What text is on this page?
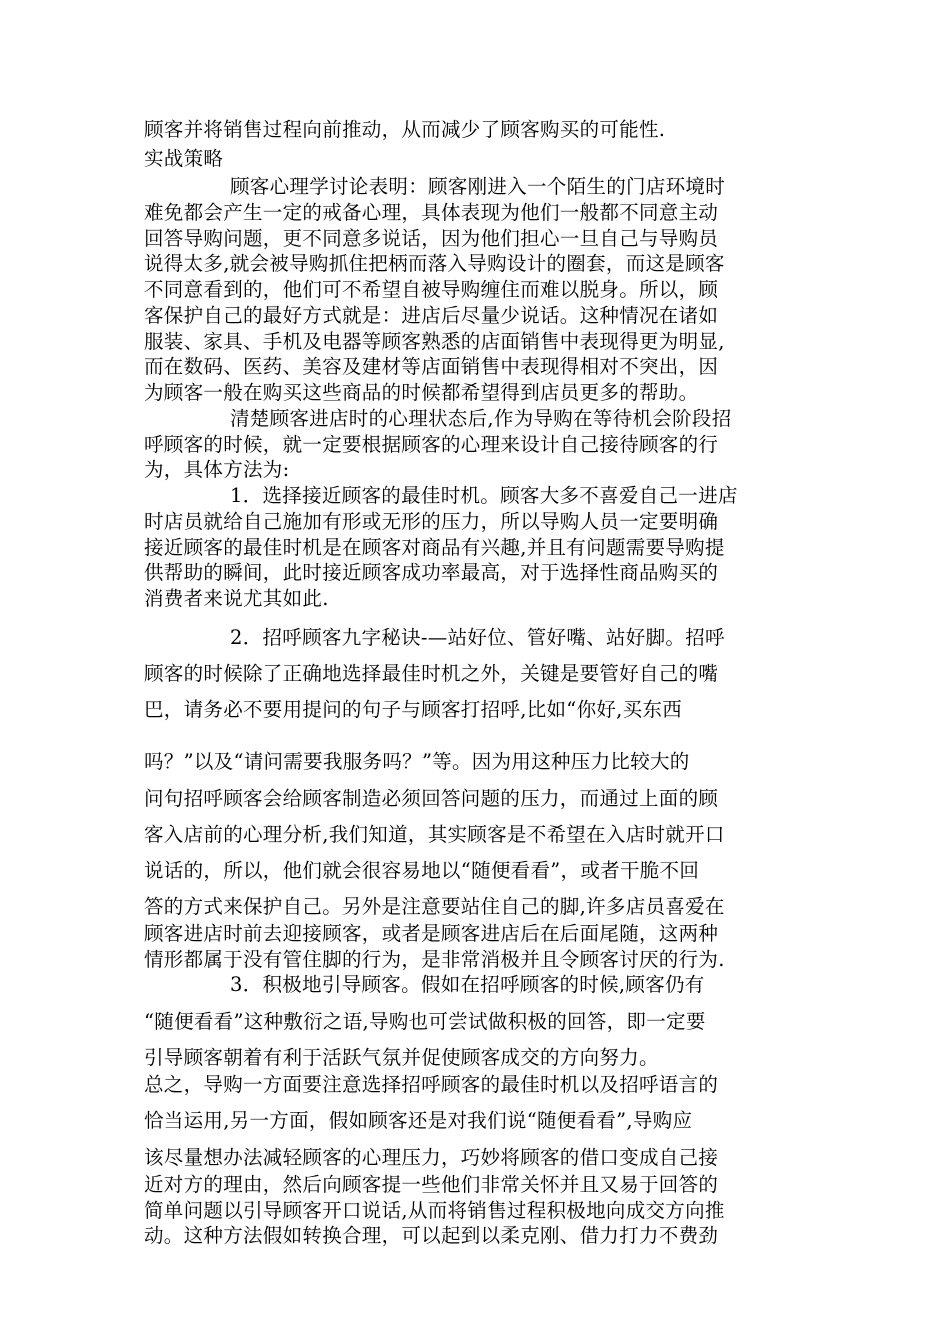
顾客并将销售过程向前推动，从而减少了顾客购买的可能性.
实战策略
顾客心理学讨论表明：顾客刚进入一个陌生的门店环境时
难免都会产生一定的戒备心理，具体表现为他们一般都不同意主动
回答导购问题，更不同意多说话，因为他们担心一旦自己与导购员
说得太多,就会被导购抓住把柄而落入导购设计的圈套，而这是顾客
不同意看到的，他们可不希望自被导购缠住而难以脱身。所以，顾
客保护自己的最好方式就是：进店后尽量少说话。这种情况在诸如
服装、家具、手机及电器等顾客熟悉的店面销售中表现得更为明显,
而在数码、医药、美容及建材等店面销售中表现得相对不突出，因
为顾客一般在购买这些商品的时候都希望得到店员更多的帮助。
清楚顾客进店时的心理状态后,作为导购在等待机会阶段招
呼顾客的时候，就一定要根据顾客的心理来设计自己接待顾客的行
为，具体方法为:
1．选择接近顾客的最佳时机。顾客大多不喜爱自己一进店
时店员就给自己施加有形或无形的压力，所以导购人员一定要明确
接近顾客的最佳时机是在顾客对商品有兴趣,并且有问题需要导购提
供帮助的瞬间，此时接近顾客成功率最高，对于选择性商品购买的
消费者来说尤其如此.
2．招呼顾客九字秘诀-—站好位、管好嘴、站好脚。招呼
顾客的时候除了正确地选择最佳时机之外，关键是要管好自己的嘴
巴，请务必不要用提问的句子与顾客打招呼,比如“你好,买东西
吗？”以及“请问需要我服务吗？”等。因为用这种压力比较大的
问句招呼顾客会给顾客制造必须回答问题的压力，而通过上面的顾
客入店前的心理分析,我们知道，其实顾客是不希望在入店时就开口
说话的，所以，他们就会很容易地以“随便看看”，或者干脆不回
答的方式来保护自己。另外是注意要站住自己的脚,许多店员喜爱在
顾客进店时前去迎接顾客，或者是顾客进店后在后面尾随，这两种
情形都属于没有管住脚的行为，是非常消极并且令顾客讨厌的行为.
3．积极地引导顾客。假如在招呼顾客的时候,顾客仍有
“随便看看”这种敷衍之语,导购也可尝试做积极的回答，即一定要
引导顾客朝着有利于活跃气氛并促使顾客成交的方向努力。
总之，导购一方面要注意选择招呼顾客的最佳时机以及招呼语言的
恰当运用,另一方面，假如顾客还是对我们说“随便看看”,导购应
该尽量想办法减轻顾客的心理压力，巧妙将顾客的借口变成自己接
近对方的理由，然后向顾客提一些他们非常关怀并且又易于回答的
简单问题以引导顾客开口说话,从而将销售过程积极地向成交方向推
动。这种方法假如转换合理，可以起到以柔克刚、借力打力不费劲
